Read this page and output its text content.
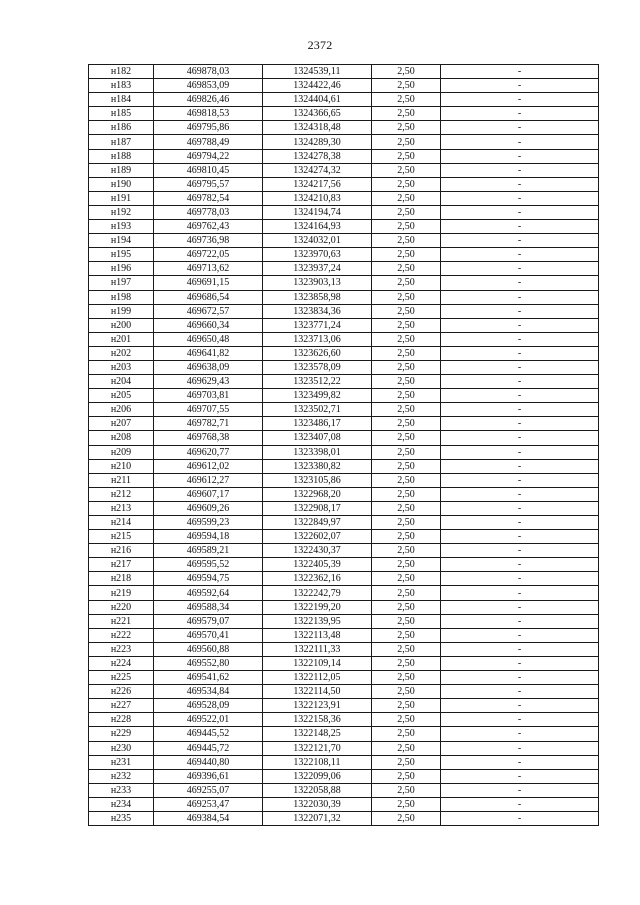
2372
н182	469878,03	1324539,11	2,50	-
н183	469853,09	1324422,46	2,50	-
н184	469826,46	1324404,61	2,50	-
н185	469818,53	1324366,65	2,50	-
н186	469795,86	1324318,48	2,50	-
н187	469788,49	1324289,30	2,50	-
н188	469794,22	1324278,38	2,50	-
н189	469810,45	1324274,32	2,50	-
н190	469795,57	1324217,56	2,50	-
н191	469782,54	1324210,83	2,50	-
н192	469778,03	1324194,74	2,50	-
н193	469762,43	1324164,93	2,50	-
н194	469736,98	1324032,01	2,50	-
н195	469722,05	1323970,63	2,50	-
н196	469713,62	1323937,24	2,50	-
н197	469691,15	1323903,13	2,50	-
н198	469686,54	1323858,98	2,50	-
н199	469672,57	1323834,36	2,50	-
н200	469660,34	1323771,24	2,50	-
н201	469650,48	1323713,06	2,50	-
н202	469641,82	1323626,60	2,50	-
н203	469638,09	1323578,09	2,50	-
н204	469629,43	1323512,22	2,50	-
н205	469703,81	1323499,82	2,50	-
н206	469707,55	1323502,71	2,50	-
н207	469782,71	1323486,17	2,50	-
н208	469768,38	1323407,08	2,50	-
н209	469620,77	1323398,01	2,50	-
н210	469612,02	1323380,82	2,50	-
н211	469612,27	1323105,86	2,50	-
н212	469607,17	1322968,20	2,50	-
н213	469609,26	1322908,17	2,50	-
н214	469599,23	1322849,97	2,50	-
н215	469594,18	1322602,07	2,50	-
н216	469589,21	1322430,37	2,50	-
н217	469595,52	1322405,39	2,50	-
н218	469594,75	1322362,16	2,50	-
н219	469592,64	1322242,79	2,50	-
н220	469588,34	1322199,20	2,50	-
н221	469579,07	1322139,95	2,50	-
н222	469570,41	1322113,48	2,50	-
н223	469560,88	1322111,33	2,50	-
н224	469552,80	1322109,14	2,50	-
н225	469541,62	1322112,05	2,50	-
н226	469534,84	1322114,50	2,50	-
н227	469528,09	1322123,91	2,50	-
н228	469522,01	1322158,36	2,50	-
н229	469445,52	1322148,25	2,50	-
н230	469445,72	1322121,70	2,50	-
н231	469440,80	1322108,11	2,50	-
н232	469396,61	1322099,06	2,50	-
н233	469255,07	1322058,88	2,50	-
н234	469253,47	1322030,39	2,50	-
н235	469384,54	1322071,32	2,50	-
